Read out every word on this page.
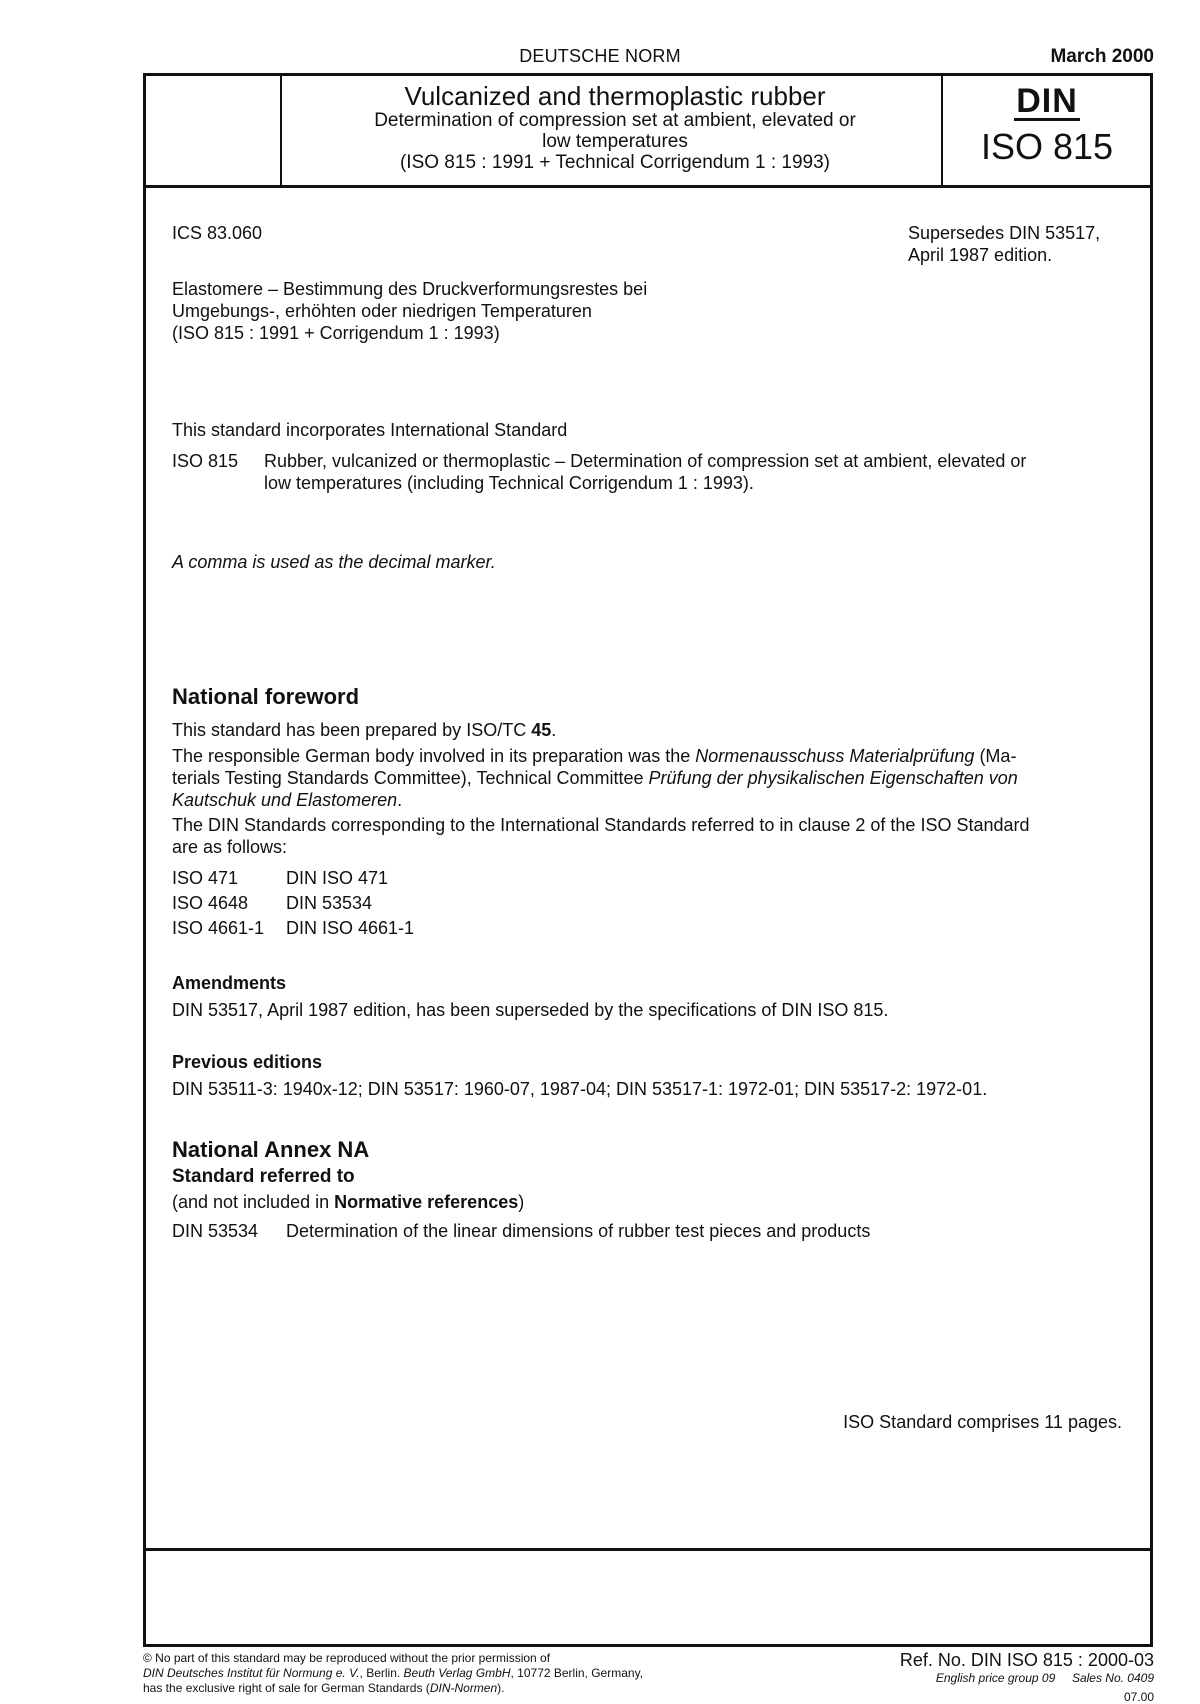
DEUTSCHE NORM	March 2000
Vulcanized and thermoplastic rubber
Determination of compression set at ambient, elevated or
low temperatures
(ISO 815 : 1991 + Technical Corrigendum 1 : 1993)
DIN
ISO 815
ICS 83.060	Supersedes DIN 53517,
April 1987 edition.
Elastomere – Bestimmung des Druckverformungsrestes bei
Umgebungs-, erhöhten oder niedrigen Temperaturen
(ISO 815 : 1991 + Corrigendum 1 : 1993)
This standard incorporates International Standard
ISO 815 Rubber, vulcanized or thermoplastic – Determination of compression set at ambient, elevated or
low temperatures (including Technical Corrigendum 1 : 1993).
A comma is used as the decimal marker.
National foreword
This standard has been prepared by ISO/TC 45.
The responsible German body involved in its preparation was the Normenausschuss Materialprüfung (Ma-
terials Testing Standards Committee), Technical Committee Prüfung der physikalischen Eigenschaften von
Kautschuk und Elastomeren.
The DIN Standards corresponding to the International Standards referred to in clause 2 of the ISO Standard
are as follows:
ISO 471	DIN ISO 471
ISO 4648 DIN 53534
ISO 4661-1 DIN ISO 4661-1
Amendments
DIN 53517, April 1987 edition, has been superseded by the specifications of DIN ISO 815.
Previous editions
DIN 53511-3: 1940x-12; DIN 53517: 1960-07, 1987-04; DIN 53517-1: 1972-01; DIN 53517-2: 1972-01.
National Annex NA
Standard referred to
(and not included in Normative references)
DIN 53534 Determination of the linear dimensions of rubber test pieces and products
ISO Standard comprises 11 pages.
© No part of this standard may be reproduced without the prior permission of
DIN Deutsches Institut für Normung e. V., Berlin. Beuth Verlag GmbH, 10772 Berlin, Germany,
has the exclusive right of sale for German Standards (DIN-Normen).
Ref. No. DIN ISO 815 : 2000-03
English price group 09 Sales No. 0409
07.00
